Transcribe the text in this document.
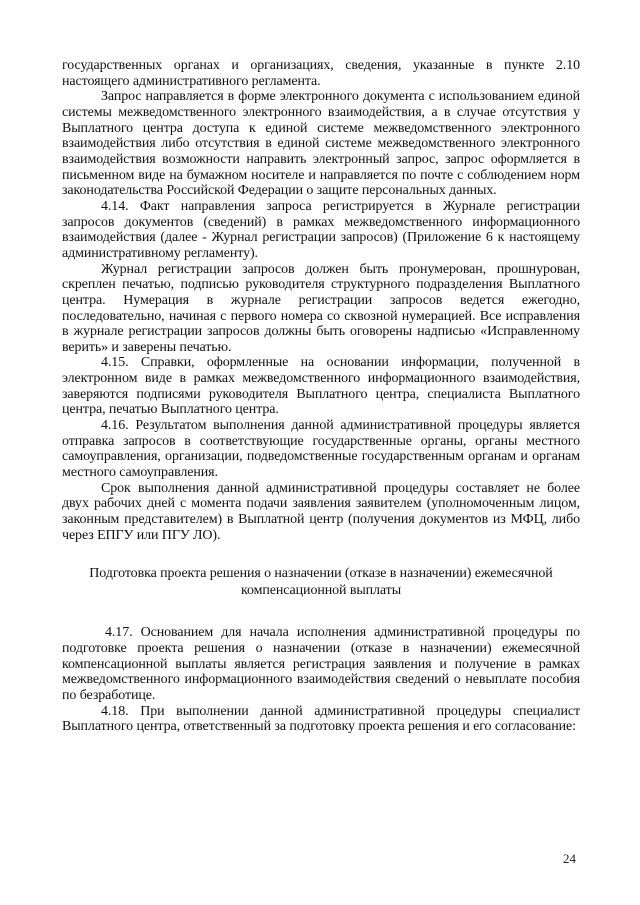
государственных органах и организациях, сведения, указанные в пункте 2.10 настоящего административного регламента.

Запрос направляется в форме электронного документа с использованием единой системы межведомственного электронного взаимодействия, а в случае отсутствия у Выплатного центра доступа к единой системе межведомственного электронного взаимодействия либо отсутствия в единой системе межведомственного электронного взаимодействия возможности направить электронный запрос, запрос оформляется в письменном виде на бумажном носителе и направляется по почте с соблюдением норм законодательства Российской Федерации о защите персональных данных.

4.14. Факт направления запроса регистрируется в Журнале регистрации запросов документов (сведений) в рамках межведомственного информационного взаимодействия (далее - Журнал регистрации запросов) (Приложение 6 к настоящему административному регламенту).

Журнал регистрации запросов должен быть пронумерован, прошнурован, скреплен печатью, подписью руководителя структурного подразделения Выплатного центра. Нумерация в журнале регистрации запросов ведется ежегодно, последовательно, начиная с первого номера со сквозной нумерацией. Все исправления в журнале регистрации запросов должны быть оговорены надписью «Исправленному верить» и заверены печатью.

4.15. Справки, оформленные на основании информации, полученной в электронном виде в рамках межведомственного информационного взаимодействия, заверяются подписями руководителя Выплатного центра, специалиста Выплатного центра, печатью Выплатного центра.

4.16. Результатом выполнения данной административной процедуры является отправка запросов в соответствующие государственные органы, органы местного самоуправления, организации, подведомственные государственным органам и органам местного самоуправления.

Срок выполнения данной административной процедуры составляет не более двух рабочих дней с момента подачи заявления заявителем (уполномоченным лицом, законным представителем) в Выплатной центр (получения документов из МФЦ, либо через ЕПГУ или ПГУ ЛО).

Подготовка проекта решения о назначении (отказе в назначении) ежемесячной
компенсационной выплаты

4.17. Основанием для начала исполнения административной процедуры по подготовке проекта решения о назначении (отказе в назначении) ежемесячной компенсационной выплаты является регистрация заявления и получение в рамках межведомственного информационного взаимодействия сведений о невыплате пособия по безработице.

4.18. При выполнении данной административной процедуры специалист Выплатного центра, ответственный за подготовку проекта решения и его согласование:

24
